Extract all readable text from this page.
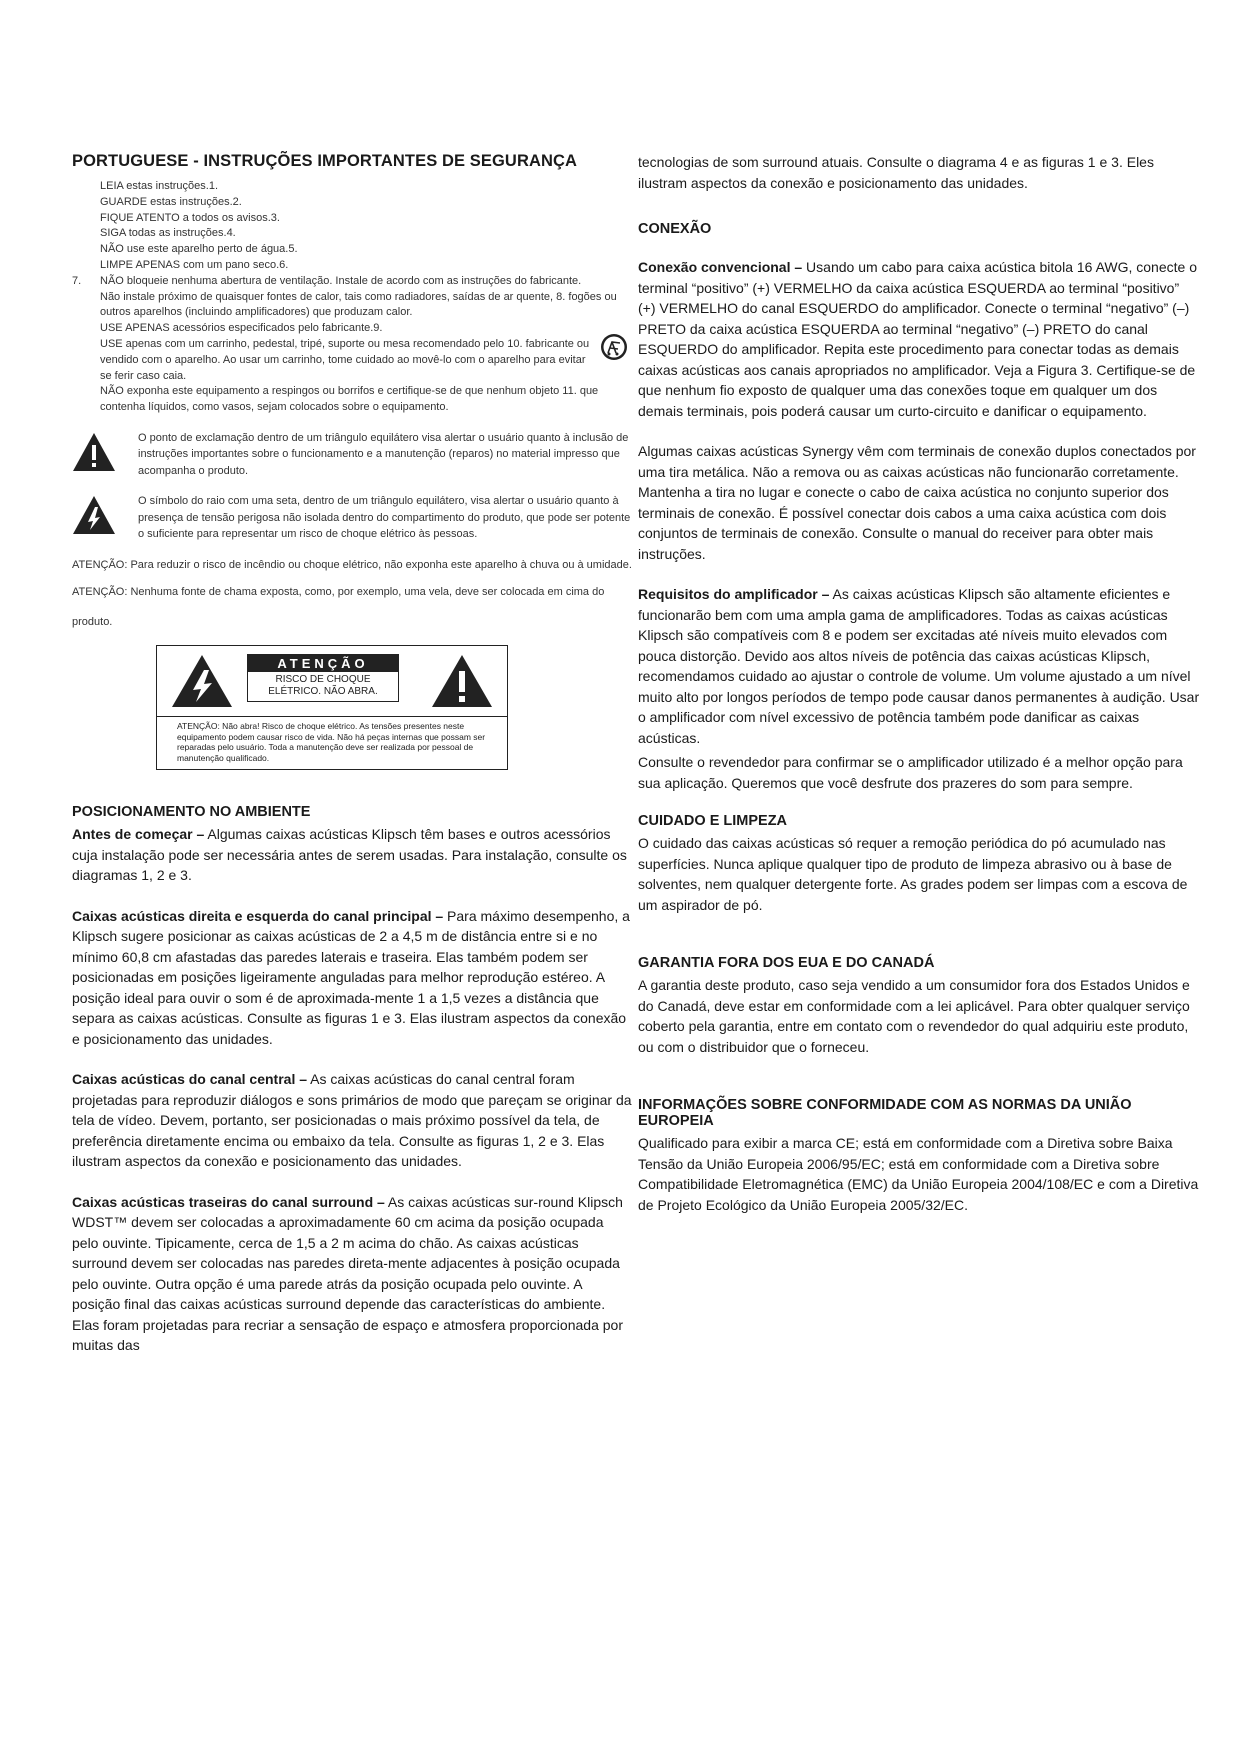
PORTUGUESE - INSTRUÇÕES IMPORTANTES DE SEGURANÇA
LEIA estas instruções.1.
GUARDE estas instruções.2.
FIQUE ATENTO a todos os avisos.3.
SIGA todas as instruções.4.
NÃO use este aparelho perto de água.5.
LIMPE APENAS com um pano seco.6.
7. NÃO bloqueie nenhuma abertura de ventilação. Instale de acordo com as instruções do fabricante.
Não instale próximo de quaisquer fontes de calor, tais como radiadores, saídas de ar quente, 8. fogões ou outros aparelhos (incluindo amplificadores) que produzam calor.
USE APENAS acessórios especificados pelo fabricante.9.
USE apenas com um carrinho, pedestal, tripé, suporte ou mesa recomendado pelo 10. fabricante ou vendido com o aparelho. Ao usar um carrinho, tome cuidado ao movê-lo com o aparelho para evitar se ferir caso caia.
NÃO exponha este equipamento a respingos ou borrifos e certifique-se de que nenhum objeto 11. que contenha líquidos, como vasos, sejam colocados sobre o equipamento.
O ponto de exclamação dentro de um triângulo equilátero visa alertar o usuário quanto à inclusão de instruções importantes sobre o funcionamento e a manutenção (reparos) no material impresso que acompanha o produto.
O símbolo do raio com uma seta, dentro de um triângulo equilátero, visa alertar o usuário quanto à presença de tensão perigosa não isolada dentro do compartimento do produto, que pode ser potente o suficiente para representar um risco de choque elétrico às pessoas.
ATENÇÃO: Para reduzir o risco de incêndio ou choque elétrico, não exponha este aparelho à chuva ou à umidade.
ATENÇÃO: Nenhuma fonte de chama exposta, como, por exemplo, uma vela, deve ser colocada em cima do produto.
ATENÇÃO
RISCO DE CHOQUE ELÉTRICO. NÃO ABRA.
ATENÇÃO: Não abra! Risco de choque elétrico. As tensões presentes neste equipamento podem causar risco de vida. Não há peças internas que possam ser reparadas pelo usuário. Toda a manutenção deve ser realizada por pessoal de manutenção qualificado.
POSICIONAMENTO NO AMBIENTE

Antes de começar – Algumas caixas acústicas Klipsch têm bases e outros acessórios cuja instalação pode ser necessária antes de serem usadas. Para instalação, consulte os diagramas 1, 2 e 3.

Caixas acústicas direita e esquerda do canal principal – Para máximo desempenho, a Klipsch sugere posicionar as caixas acústicas de 2 a 4,5 m de distância entre si e no mínimo 60,8 cm afastadas das paredes laterais e traseira. Elas também podem ser posicionadas em posições ligeiramente anguladas para melhor reprodução estéreo. A posição ideal para ouvir o som é de aproximada-mente 1 a 1,5 vezes a distância que separa as caixas acústicas. Consulte as figuras 1 e 3. Elas ilustram aspectos da conexão e posicionamento das unidades.

Caixas acústicas do canal central – As caixas acústicas do canal central foram projetadas para reproduzir diálogos e sons primários de modo que pareçam se originar da tela de vídeo. Devem, portanto, ser posicionadas o mais próximo possível da tela, de preferência diretamente encima ou embaixo da tela. Consulte as figuras 1, 2 e 3. Elas ilustram aspectos da conexão e posicionamento das unidades.

Caixas acústicas traseiras do canal surround – As caixas acústicas sur-round Klipsch WDST™ devem ser colocadas a aproximadamente 60 cm acima da posição ocupada pelo ouvinte. Tipicamente, cerca de 1,5 a 2 m acima do chão. As caixas acústicas surround devem ser colocadas nas paredes direta-mente adjacentes à posição ocupada pelo ouvinte. Outra opção é uma parede atrás da posição ocupada pelo ouvinte. A posição final das caixas acústicas surround depende das características do ambiente. Elas foram projetadas para recriar a sensação de espaço e atmosfera proporcionada por muitas das

tecnologias de som surround atuais. Consulte o diagrama 4 e as figuras 1 e 3. Eles ilustram aspectos da conexão e posicionamento das unidades.

CONEXÃO

Conexão convencional – Usando um cabo para caixa acústica bitola 16 AWG, conecte o terminal “positivo” (+) VERMELHO da caixa acústica ESQUERDA ao terminal “positivo” (+) VERMELHO do canal ESQUERDO do amplificador. Conecte o terminal “negativo” (–) PRETO da caixa acústica ESQUERDA ao terminal “negativo” (–) PRETO do canal ESQUERDO do amplificador. Repita este procedimento para conectar todas as demais caixas acústicas aos canais apropriados no amplificador. Veja a Figura 3. Certifique-se de que nenhum fio exposto de qualquer uma das conexões toque em qualquer um dos demais terminais, pois poderá causar um curto-circuito e danificar o equipamento.

Algumas caixas acústicas Synergy vêm com terminais de conexão duplos conectados por uma tira metálica. Não a remova ou as caixas acústicas não funcionarão corretamente. Mantenha a tira no lugar e conecte o cabo de caixa acústica no conjunto superior dos terminais de conexão. É possível conectar dois cabos a uma caixa acústica com dois conjuntos de terminais de conexão. Consulte o manual do receiver para obter mais instruções.

Requisitos do amplificador – As caixas acústicas Klipsch são altamente eficientes e funcionarão bem com uma ampla gama de amplificadores. Todas as caixas acústicas Klipsch são compatíveis com 8 e podem ser excitadas até níveis muito elevados com pouca distorção. Devido aos altos níveis de potência das caixas acústicas Klipsch, recomendamos cuidado ao ajustar o controle de volume. Um volume ajustado a um nível muito alto por longos períodos de tempo pode causar danos permanentes à audição. Usar o amplificador com nível excessivo de potência também pode danificar as caixas acústicas.

Consulte o revendedor para confirmar se o amplificador utilizado é a melhor opção para sua aplicação. Queremos que você desfrute dos prazeres do som para sempre.

CUIDADO E LIMPEZA

O cuidado das caixas acústicas só requer a remoção periódica do pó acumulado nas superfícies. Nunca aplique qualquer tipo de produto de limpeza abrasivo ou à base de solventes, nem qualquer detergente forte. As grades podem ser limpas com a escova de um aspirador de pó.

GARANTIA FORA DOS EUA E DO CANADÁ

A garantia deste produto, caso seja vendido a um consumidor fora dos Estados Unidos e do Canadá, deve estar em conformidade com a lei aplicável. Para obter qualquer serviço coberto pela garantia, entre em contato com o revendedor do qual adquiriu este produto, ou com o distribuidor que o forneceu.

INFORMAÇÕES SOBRE CONFORMIDADE COM AS NORMAS DA UNIÃO EUROPEIA

Qualificado para exibir a marca CE; está em conformidade com a Diretiva sobre Baixa Tensão da União Europeia 2006/95/EC; está em conformidade com a Diretiva sobre Compatibilidade Eletromagnética (EMC) da União Europeia 2004/108/EC e com a Diretiva de Projeto Ecológico da União Europeia 2005/32/EC.
